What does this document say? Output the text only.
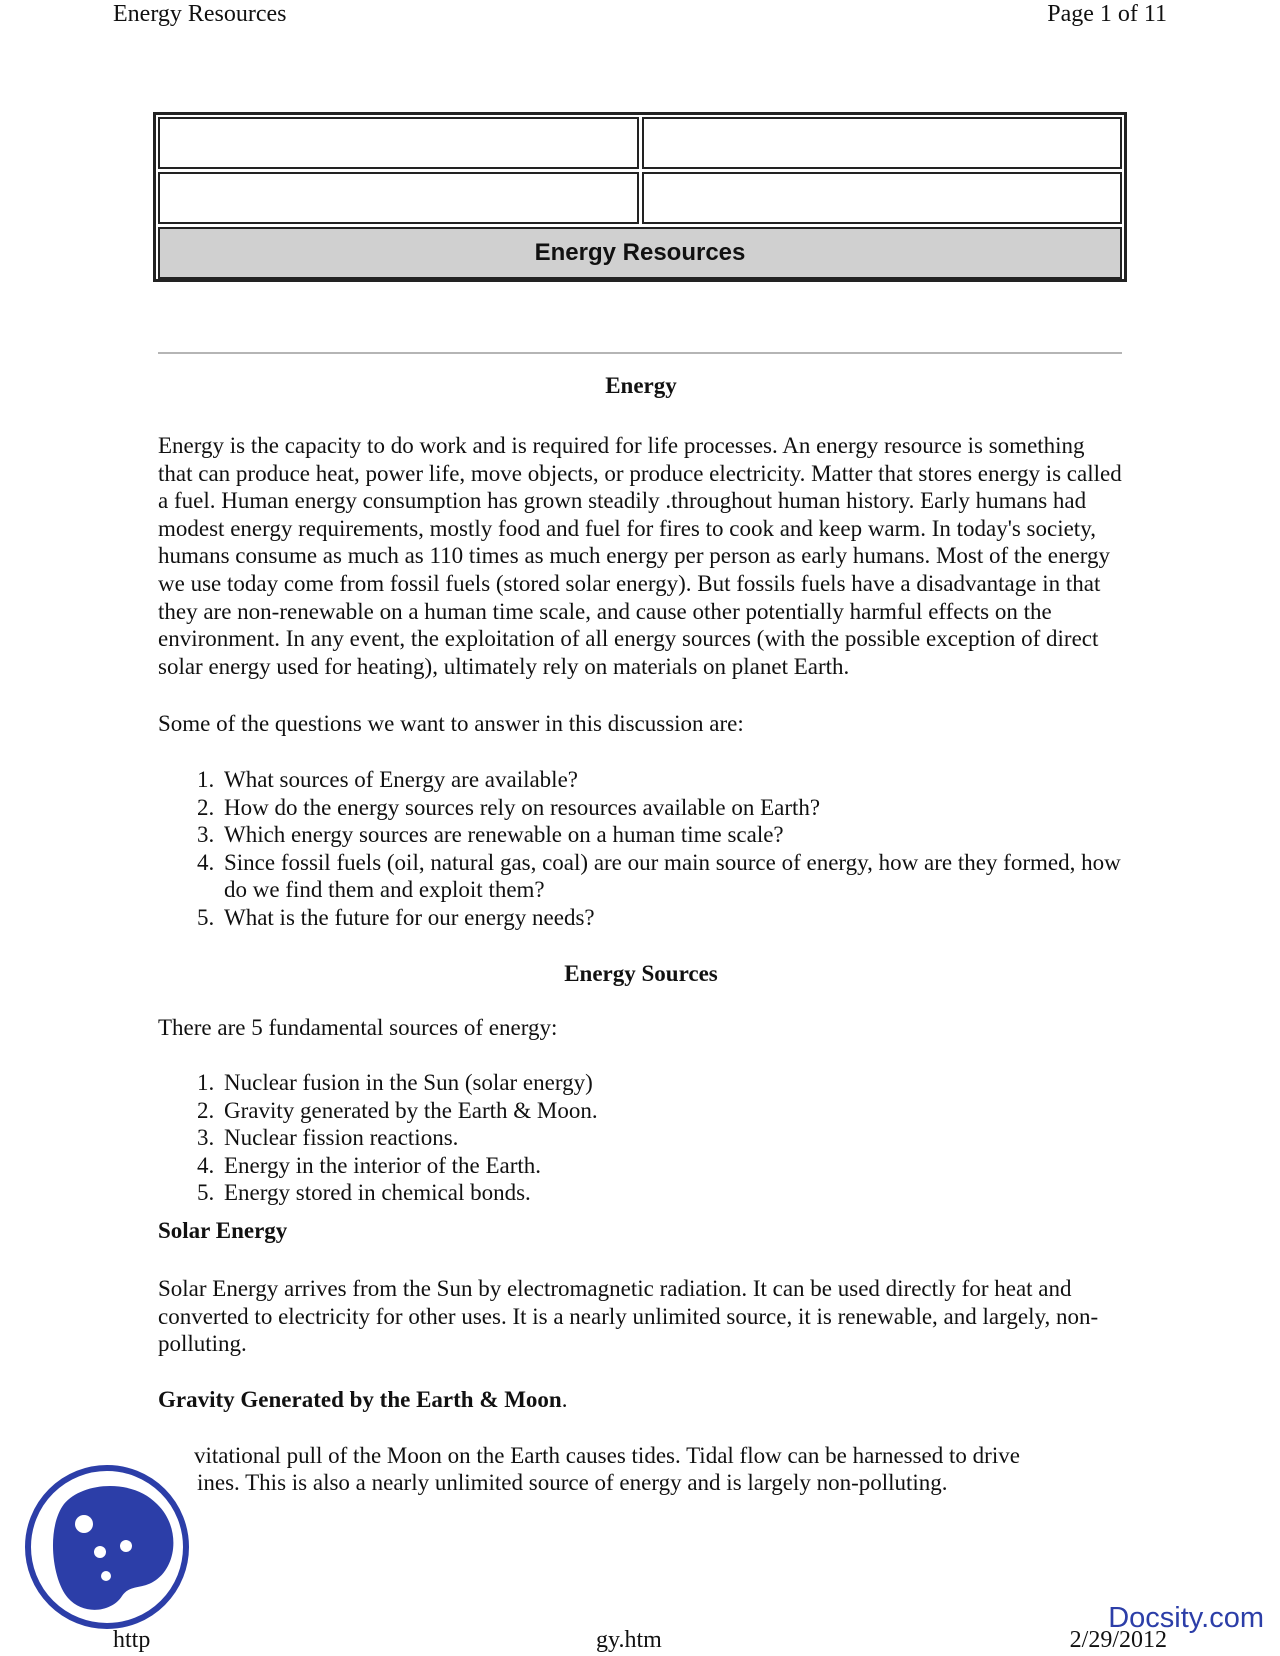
Energy Resources	Page 1 of 11
Energy Resources
Energy

Energy is the capacity to do work and is required for life processes. An energy resource is something that can produce heat, power life, move objects, or produce electricity. Matter that stores energy is called a fuel. Human energy consumption has grown steadily .throughout human history. Early humans had modest energy requirements, mostly food and fuel for fires to cook and keep warm. In today's society, humans consume as much as 110 times as much energy per person as early humans. Most of the energy we use today come from fossil fuels (stored solar energy). But fossils fuels have a disadvantage in that they are non-renewable on a human time scale, and cause other potentially harmful effects on the environment. In any event, the exploitation of all energy sources (with the possible exception of direct solar energy used for heating), ultimately rely on materials on planet Earth.

Some of the questions we want to answer in this discussion are:

1. What sources of Energy are available?
2. How do the energy sources rely on resources available on Earth?
3. Which energy sources are renewable on a human time scale?
4. Since fossil fuels (oil, natural gas, coal) are our main source of energy, how are they formed, how do we find them and exploit them?
5. What is the future for our energy needs?
Energy Sources

There are 5 fundamental sources of energy:

1. Nuclear fusion in the Sun (solar energy)
2. Gravity generated by the Earth & Moon.
3. Nuclear fission reactions.
4. Energy in the interior of the Earth.
5. Energy stored in chemical bonds.
Solar Energy

Solar Energy arrives from the Sun by electromagnetic radiation. It can be used directly for heat and converted to electricity for other uses. It is a nearly unlimited source, it is renewable, and largely, non-polluting.

Gravity Generated by the Earth & Moon.

vitational pull of the Moon on the Earth causes tides. Tidal flow can be harnessed to drive
ines. This is also a nearly unlimited source of energy and is largely non-polluting.

http	gy.htm	2/29/2012
Docsity.com
